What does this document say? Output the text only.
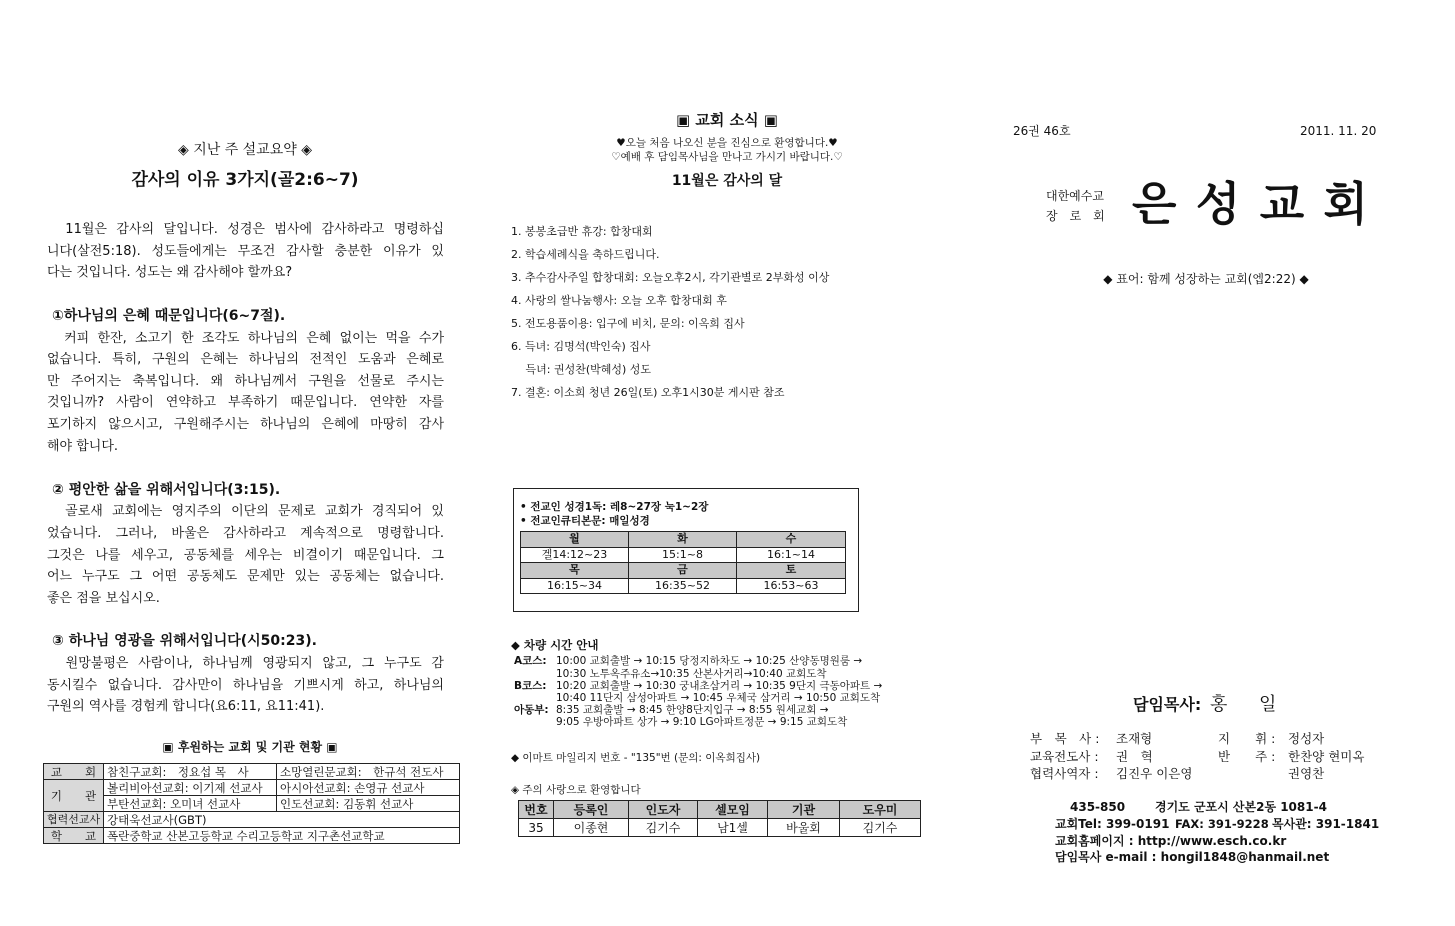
◈ 지난 주 설교요약 ◈
감사의 이유 3가지(골2:6~7)
　11월은 감사의 달입니다. 성경은 범사에 감사하라고 명령하십
니다(살전5:18). 성도들에게는 무조건 감사할 충분한 이유가 있
다는 것입니다. 성도는 왜 감사해야 할까요?
①하나님의 은혜 때문입니다(6~7절).
　커피 한잔, 소고기 한 조각도 하나님의 은혜 없이는 먹을 수가
없습니다. 특히, 구원의 은혜는 하나님의 전적인 도움과 은혜로
만 주어지는 축복입니다. 왜 하나님께서 구원을 선물로 주시는
것입니까? 사람이 연약하고 부족하기 때문입니다. 연약한 자를
포기하지 않으시고, 구원해주시는 하나님의 은혜에 마땅히 감사
해야 합니다.
② 평안한 삶을 위해서입니다(3:15).
　골로새 교회에는 영지주의 이단의 문제로 교회가 경직되어 있
었습니다. 그러나, 바울은 감사하라고 계속적으로 명령합니다.
그것은 나를 세우고, 공동체를 세우는 비결이기 때문입니다. 그
어느 누구도 그 어떤 공동체도 문제만 있는 공동체는 없습니다.
좋은 점을 보십시오.
③ 하나님 영광을 위해서입니다(시50:23).
　원망불평은 사람이나, 하나님께 영광되지 않고, 그 누구도 감
동시킬수 없습니다. 감사만이 하나님을 기쁘시게 하고, 하나님의
구원의 역사를 경험케 합니다(요6:11, 요11:41).
▣ 후원하는 교회 및 기관 현황 ▣
교　　회	참친구교회:　정요섭 목　사	소망열린문교회:　한규석 전도사
기　　관	볼리비아선교회: 이기제 선교사	아시아선교회: 손영규 선교사
	부탄선교회: 오미녀 선교사	인도선교회: 김동휘 선교사
협력선교사	강태욱선교사(GBT)	
학　　교	폭란중학교 산본고등학교 수리고등학교 지구촌선교학교	
▣ 교회 소식 ▣
♥오늘 처음 나오신 분을 진심으로 환영합니다.♥
♡예배 후 담임목사님을 만나고 가시기 바랍니다.♡
11월은 감사의 달
1. 봉봉초급반 휴강: 합창대회
2. 학습세례식을 축하드립니다.
3. 추수감사주일 합창대회: 오늘오후2시, 각기관별로 2부화성 이상
4. 사랑의 쌀나눔행사: 오늘 오후 합창대회 후
5. 전도용품이용: 입구에 비치, 문의: 이옥희 집사
6. 득녀: 김명석(박인숙) 집사
　 득녀: 권성찬(박혜성) 성도
7. 결혼: 이소희 청년 26일(토) 오후1시30분 게시판 참조
• 전교인 성경1독: 레8~27장 눅1~2장
• 전교인큐티본문: 매일성경
월	화	수
겔14:12~23	15:1~8	16:1~14
목	금	토
16:15~34	16:35~52	16:53~63
◆ 차량 시간 안내
A코스: 10:00 교회출발 → 10:15 당정지하차도 → 10:25 산양동명원룸 →
10:30 노투옥주유소→10:35 산본사거리→10:40 교회도착
B코스: 10:20 교회출발 → 10:30 궁내초삼거리 → 10:35 9단지 극동아파트 →
10:40 11단지 삼성아파트 → 10:45 우체국 삼거리 → 10:50 교회도착
아동부: 8:35 교회출발 → 8:45 한양8단지입구 → 8:55 원세교회 →
9:05 우방아파트 상가 → 9:10 LG아파트정문 → 9:15 교회도착
◆ 이마트 마일리지 번호 - "135"번 (문의: 이옥희집사)
◈ 주의 사랑으로 환영합니다
번호	등록인	인도자	셀모임	기관	도우미
35	이종현	김기수	남1셀	바울회	김기수
26권 46호	2011. 11. 20
대한예수교
장　로　회 은 성 교 회
◆ 표어: 함께 성장하는 교회(엡2:22) ◆
담임목사: 홍	일
부　목　사 :	조재형	지　　휘 :	정성자
교육전도사 :	권　혁	반　　주 :	한찬양 현미옥
협력사역자 :	김진우 이은영	권영찬
435-850	경기도 군포시 산본2동 1081-4
교회Tel: 399-0191 FAX: 391-9228 목사관: 391-1841
교회홈페이지 : http://www.esch.co.kr
담임목사 e-mail : hongil1848@hanmail.net
